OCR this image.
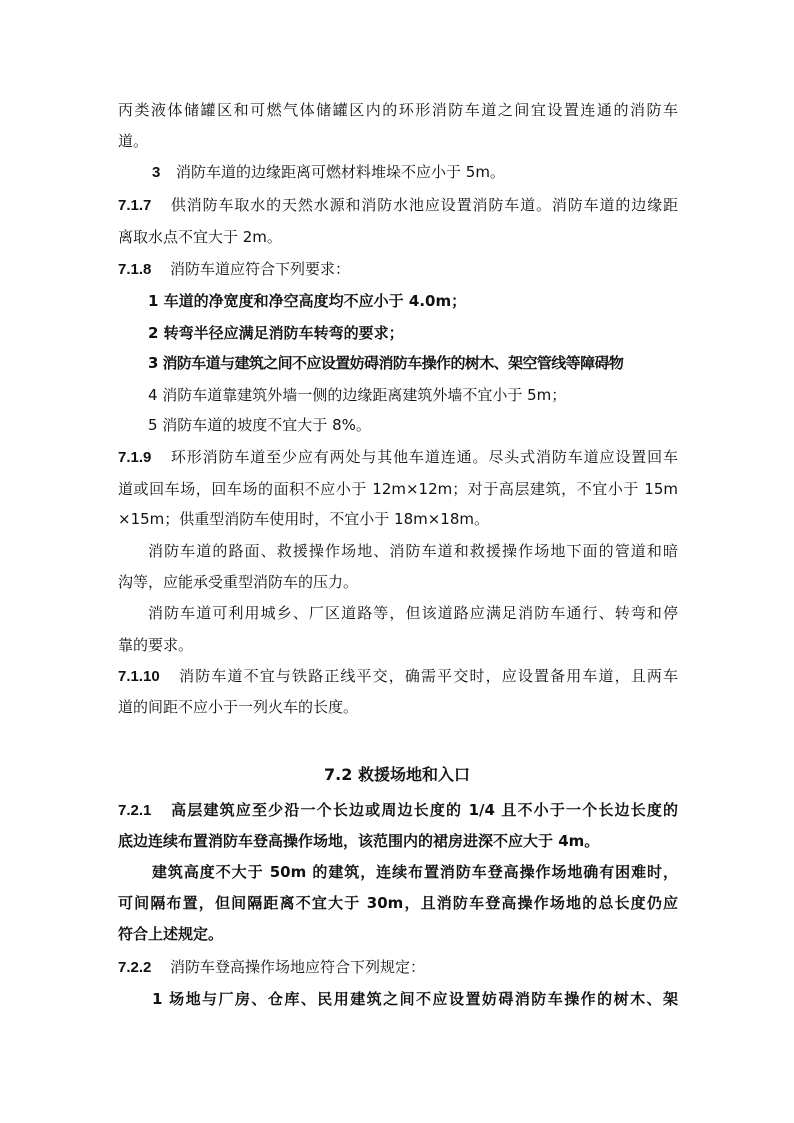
丙类液体储罐区和可燃气体储罐区内的环形消防车道之间宜设置连通的消防车
道。
3 消防车道的边缘距离可燃材料堆垛不应小于 5m。
7.1.7 供消防车取水的天然水源和消防水池应设置消防车道。消防车道的边缘距
离取水点不宜大于 2m。
7.1.8 消防车道应符合下列要求：
1 车道的净宽度和净空高度均不应小于 4.0m；
2 转弯半径应满足消防车转弯的要求；
3 消防车道与建筑之间不应设置妨碍消防车操作的树木、架空管线等障碍物
4 消防车道靠建筑外墙一侧的边缘距离建筑外墙不宜小于 5m；
5 消防车道的坡度不宜大于 8%。
7.1.9 环形消防车道至少应有两处与其他车道连通。尽头式消防车道应设置回车
道或回车场，回车场的面积不应小于 12m×12m；对于高层建筑，不宜小于 15m
×15m；供重型消防车使用时，不宜小于 18m×18m。
消防车道的路面、救援操作场地、消防车道和救援操作场地下面的管道和暗
沟等，应能承受重型消防车的压力。
消防车道可利用城乡、厂区道路等，但该道路应满足消防车通行、转弯和停
靠的要求。
7.1.10 消防车道不宜与铁路正线平交，确需平交时，应设置备用车道，且两车
道的间距不应小于一列火车的长度。
7.2 救援场地和入口
7.2.1 高层建筑应至少沿一个长边或周边长度的 1/4 且不小于一个长边长度的
底边连续布置消防车登高操作场地，该范围内的裙房进深不应大于 4m。
建筑高度不大于 50m 的建筑，连续布置消防车登高操作场地确有困难时，
可间隔布置，但间隔距离不宜大于 30m，且消防车登高操作场地的总长度仍应
符合上述规定。
7.2.2 消防车登高操作场地应符合下列规定：
1 场地与厂房、仓库、民用建筑之间不应设置妨碍消防车操作的树木、架
